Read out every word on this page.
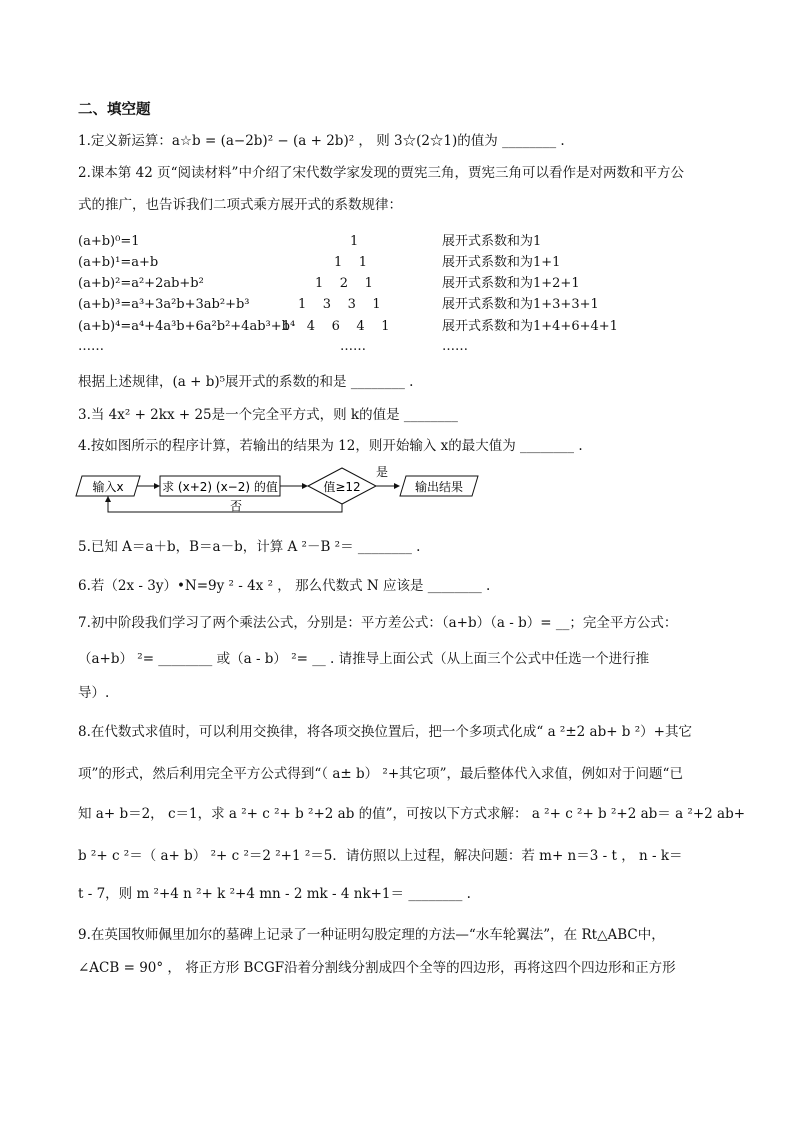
二、填空题
1.定义新运算：a☆b = (a−2b)² − (a + 2b)² ， 则 3☆(2☆1)的值为 ________ .
2.课本第 42 页“阅读材料”中介绍了宋代数学家发现的贾宪三角，贾宪三角可以看作是对两数和平方公
式的推广，也告诉我们二项式乘方展开式的系数规律：
(a+b)⁰=1
(a+b)¹=a+b
(a+b)²=a²+2ab+b²
(a+b)³=a³+3a²b+3ab²+b³
(a+b)⁴=a⁴+4a³b+6a²b²+4ab³+b⁴
……
1
1    1
1    2    1
1    3    3    1
1    4    6    4    1
……
展开式系数和为1
展开式系数和为1+1
展开式系数和为1+2+1
展开式系数和为1+3+3+1
展开式系数和为1+4+6+4+1
……
根据上述规律，(a + b)⁵展开式的系数的和是 ________ .
3.当 4x² + 2kx + 25是一个完全平方式，则 k的值是 ________
4.按如图所示的程序计算，若输出的结果为 12，则开始输入 x的最大值为 ________ .
输入x	求 (x+2) (x−2) 的值	值≥12
是
输出结果
否
5.已知 A＝a＋b，B＝a－b，计算 A ²－B ²＝ ________ .
6.若（2x - 3y）•N=9y ² - 4x ² ， 那么代数式 N 应该是 ________ .
7.初中阶段我们学习了两个乘法公式，分别是：平方差公式：（a+b）（a - b）= __；完全平方公式：
（a+b） ²= ________ 或（a - b） ²= __ . 请推导上面公式（从上面三个公式中任选一个进行推
导）.
8.在代数式求值时，可以利用交换律，将各项交换位置后，把一个多项式化成“ a ²±2 ab+ b ²）+其它
项”的形式，然后利用完全平方公式得到“（ a± b） ²+其它项”，最后整体代入求值，例如对于问题“已
知 a+ b＝2， c＝1，求 a ²+ c ²+ b ²+2 ab 的值”，可按以下方式求解： a ²+ c ²+ b ²+2 ab＝ a ²+2 ab+
b ²+ c ²＝（ a+ b） ²+ c ²＝2 ²+1 ²＝5．请仿照以上过程，解决问题：若 m+ n＝3 - t ， n - k＝
t - 7，则 m ²+4 n ²+ k ²+4 mn - 2 mk - 4 nk+1＝ ________ .
9.在英国牧师佩里加尔的墓碑上记录了一种证明勾股定理的方法—“水车轮翼法”，在 Rt△ABC中，
∠ACB = 90° ， 将正方形 BCGF沿着分割线分割成四个全等的四边形，再将这四个四边形和正方形
